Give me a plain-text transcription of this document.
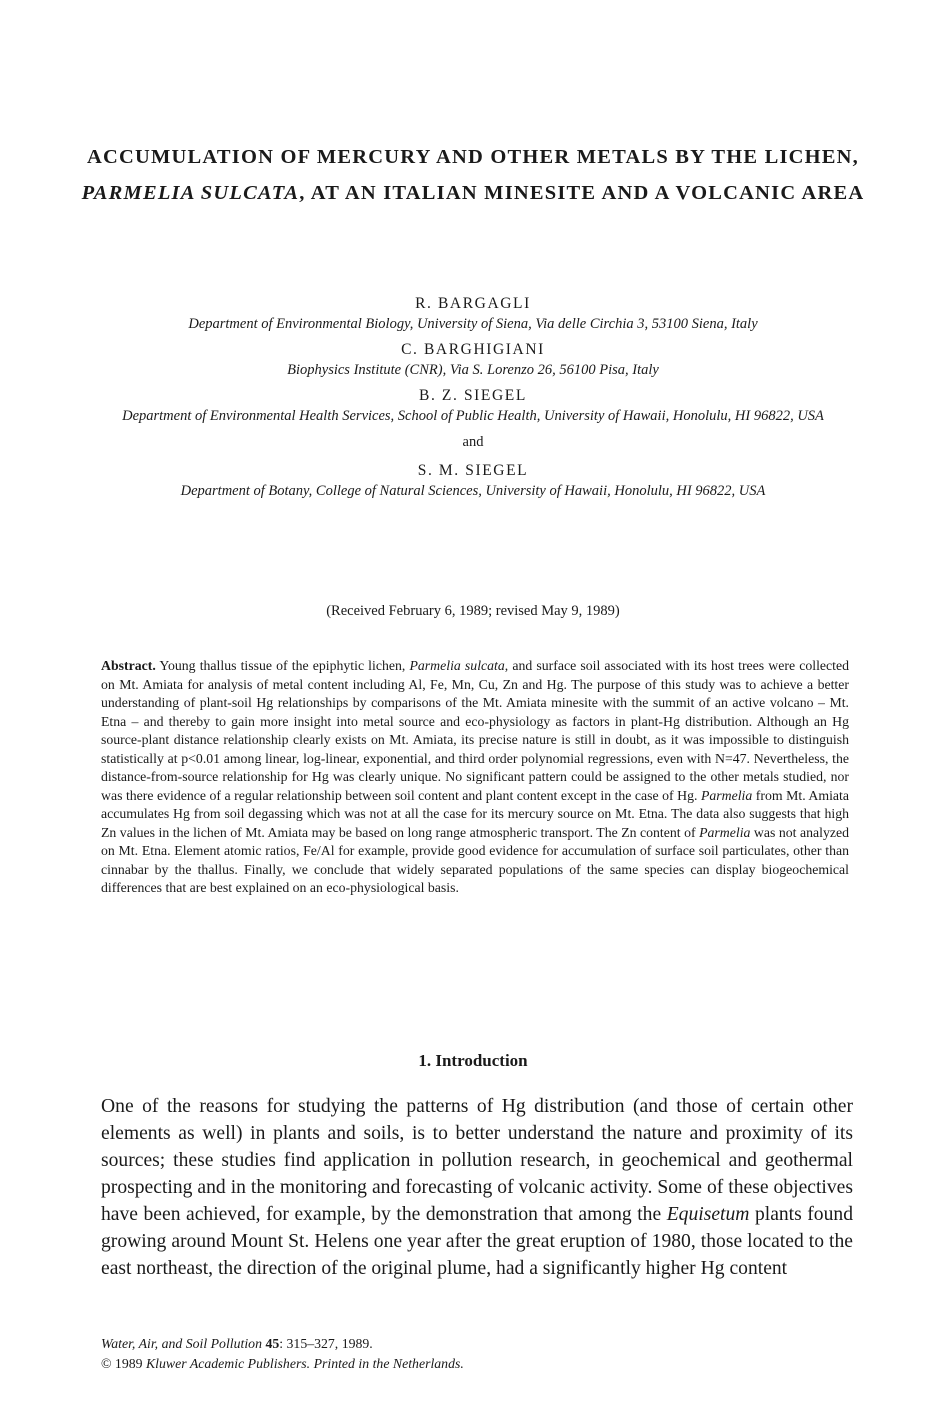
ACCUMULATION OF MERCURY AND OTHER METALS BY THE LICHEN, PARMELIA SULCATA, AT AN ITALIAN MINESITE AND A VOLCANIC AREA

R. BARGAGLI

Department of Environmental Biology, University of Siena, Via delle Circhia 3, 53100 Siena, Italy

C. BARGHIGIANI

Biophysics Institute (CNR), Via S. Lorenzo 26, 56100 Pisa, Italy

B. Z. SIEGEL

Department of Environmental Health Services, School of Public Health, University of Hawaii, Honolulu, HI 96822, USA

and

S. M. SIEGEL

Department of Botany, College of Natural Sciences, University of Hawaii, Honolulu, HI 96822, USA

(Received February 6, 1989; revised May 9, 1989)

Abstract. Young thallus tissue of the epiphytic lichen, Parmelia sulcata, and surface soil associated with its host trees were collected on Mt. Amiata for analysis of metal content including Al, Fe, Mn, Cu, Zn and Hg. The purpose of this study was to achieve a better understanding of plant-soil Hg relationships by comparisons of the Mt. Amiata minesite with the summit of an active volcano – Mt. Etna – and thereby to gain more insight into metal source and eco-physiology as factors in plant-Hg distribution. Although an Hg source-plant distance relationship clearly exists on Mt. Amiata, its precise nature is still in doubt, as it was impossible to distinguish statistically at p<0.01 among linear, log-linear, exponential, and third order polynomial regressions, even with N=47. Nevertheless, the distance-from-source relationship for Hg was clearly unique. No significant pattern could be assigned to the other metals studied, nor was there evidence of a regular relationship between soil content and plant content except in the case of Hg. Parmelia from Mt. Amiata accumulates Hg from soil degassing which was not at all the case for its mercury source on Mt. Etna. The data also suggests that high Zn values in the lichen of Mt. Amiata may be based on long range atmospheric transport. The Zn content of Parmelia was not analyzed on Mt. Etna. Element atomic ratios, Fe/Al for example, provide good evidence for accumulation of surface soil particulates, other than cinnabar by the thallus. Finally, we conclude that widely separated populations of the same species can display biogeochemical differences that are best explained on an eco-physiological basis.

1. Introduction

One of the reasons for studying the patterns of Hg distribution (and those of certain other elements as well) in plants and soils, is to better understand the nature and proximity of its sources; these studies find application in pollution research, in geochemical and geothermal prospecting and in the monitoring and forecasting of volcanic activity. Some of these objectives have been achieved, for example, by the demonstration that among the Equisetum plants found growing around Mount St. Helens one year after the great eruption of 1980, those located to the east northeast, the direction of the original plume, had a significantly higher Hg content

Water, Air, and Soil Pollution 45: 315–327, 1989.

© 1989 Kluwer Academic Publishers. Printed in the Netherlands.
